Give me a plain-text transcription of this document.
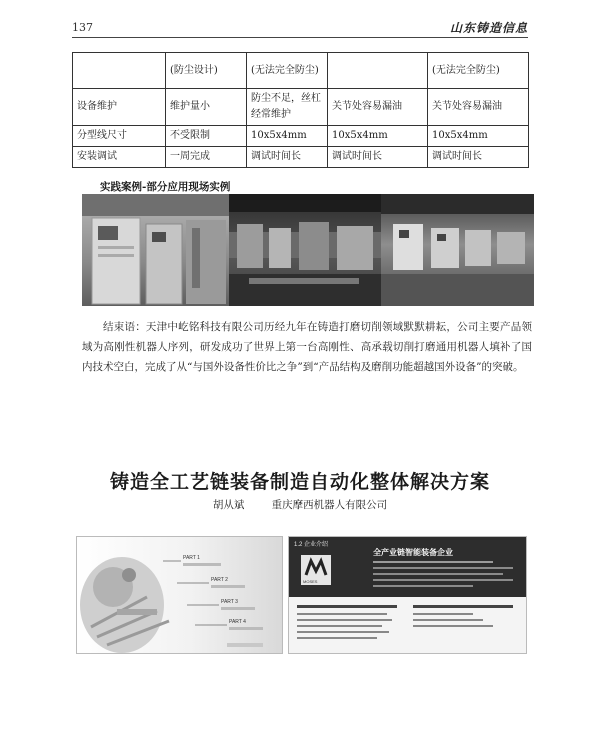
137	山东铸造信息
	(防尘设计)	(无法完全防尘)		(无法完全防尘)
设备维护	维护量小	防尘不足，丝杠经常维护	关节处容易漏油	关节处容易漏油
分型线尺寸	不受限制	10x5x4mm	10x5x4mm	10x5x4mm
安装调试	一周完成	调试时间长	调试时间长	调试时间长
实践案例-部分应用现场实例

结束语：天津中屹铭科技有限公司历经九年在铸造打磨切削领域默默耕耘，公司主要产品领域为高刚性机器人序列，研发成功了世界上第一台高刚性、高承载切削打磨通用机器人填补了国内技术空白，完成了从“与国外设备性价比之争”到“产品结构及磨削功能超越国外设备”的突破。

铸造全工艺链装备制造自动化整体解决方案
胡从斌	重庆摩西机器人有限公司
PART 1
PART 2
PART 3
PART 4
1.2 企业介绍
MOSES
全产业链智能装备企业
